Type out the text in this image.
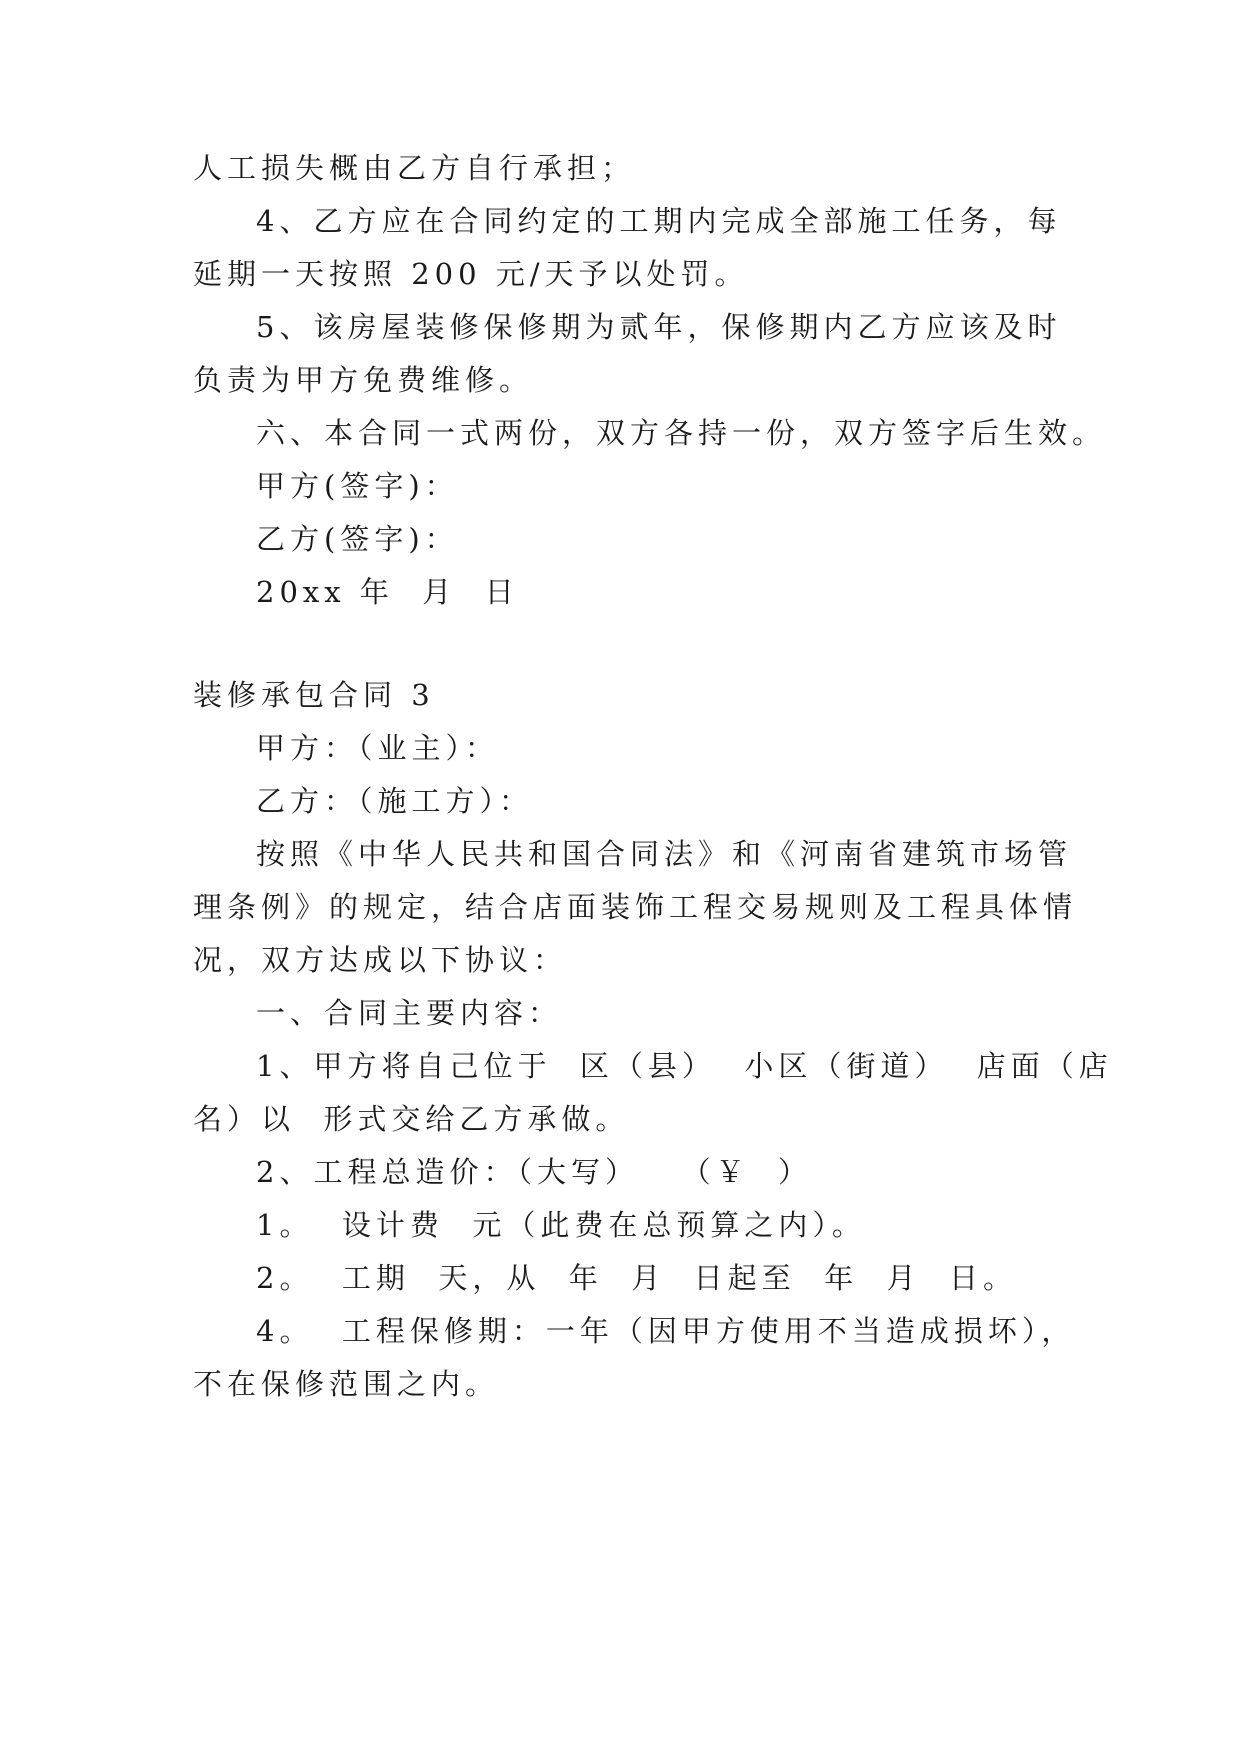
人工损失概由乙方自行承担；
4、乙方应在合同约定的工期内完成全部施工任务，每
延期一天按照 200 元/天予以处罚。
5、该房屋装修保修期为贰年，保修期内乙方应该及时
负责为甲方免费维修。
六、本合同一式两份，双方各持一份，双方签字后生效。
甲方(签字)：
乙方(签字)：
20xx 年  月  日
装修承包合同 3
甲方：（业主）：
乙方：（施工方）：
按照《中华人民共和国合同法》和《河南省建筑市场管
理条例》的规定，结合店面装饰工程交易规则及工程具体情
况，双方达成以下协议：
一、合同主要内容：
1、甲方将自己位于  区（县）  小区（街道）  店面（店
名）以  形式交给乙方承做。
2、工程总造价：（大写）   （￥  ）
1。  设计费  元（此费在总预算之内）。
2。  工期  天，从  年  月  日起至  年  月  日。
4。  工程保修期：一年（因甲方使用不当造成损坏），
不在保修范围之内。
